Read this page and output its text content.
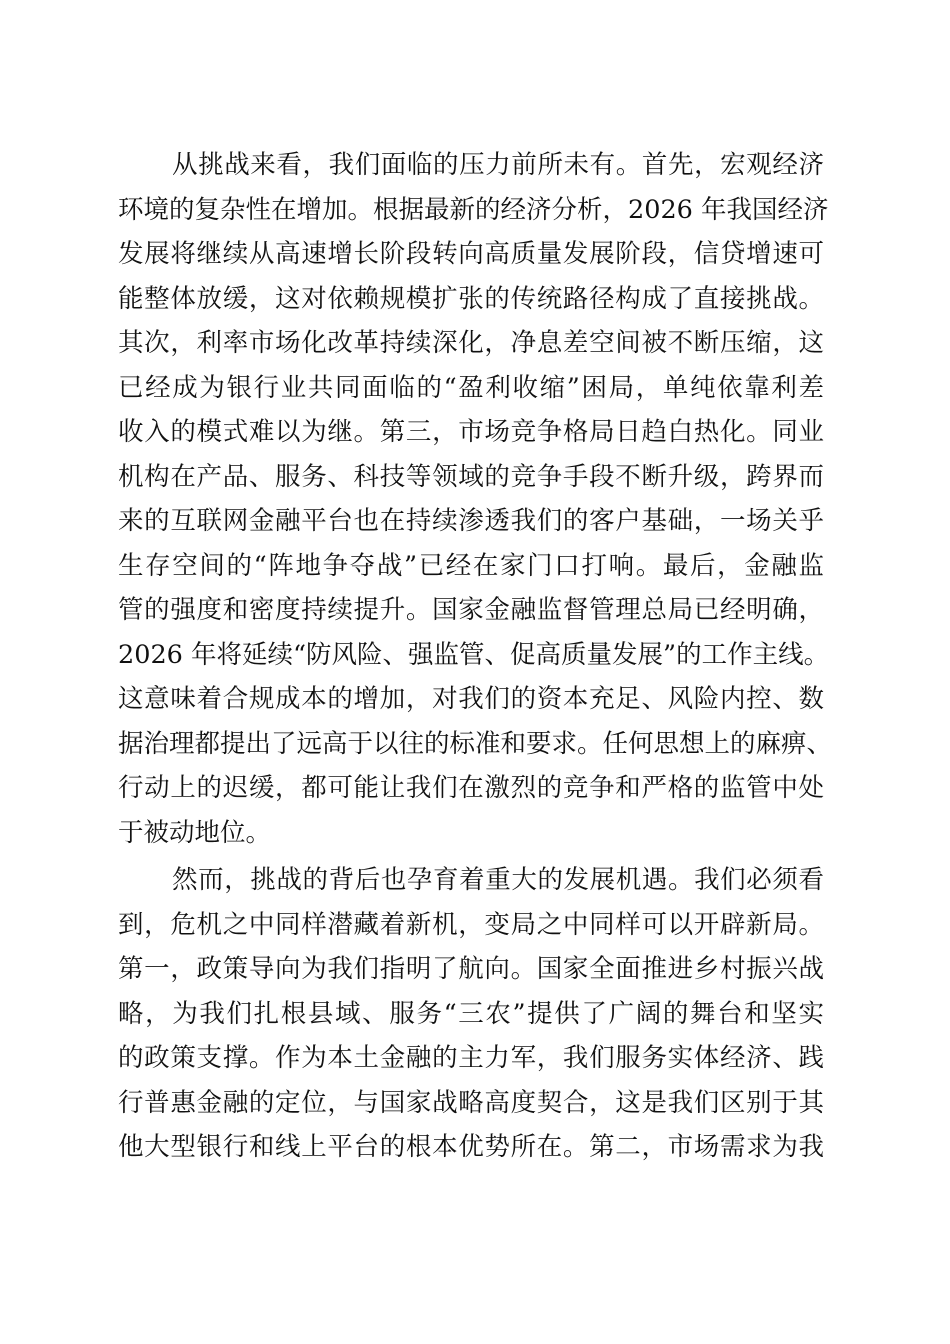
从挑战来看，我们面临的压力前所未有。首先，宏观经济
环境的复杂性在增加。根据最新的经济分析，2026 年我国经济
发展将继续从高速增长阶段转向高质量发展阶段，信贷增速可
能整体放缓，这对依赖规模扩张的传统路径构成了直接挑战。
其次，利率市场化改革持续深化，净息差空间被不断压缩，这
已经成为银行业共同面临的“盈利收缩”困局，单纯依靠利差
收入的模式难以为继。第三，市场竞争格局日趋白热化。同业
机构在产品、服务、科技等领域的竞争手段不断升级，跨界而
来的互联网金融平台也在持续渗透我们的客户基础，一场关乎
生存空间的“阵地争夺战”已经在家门口打响。最后，金融监
管的强度和密度持续提升。国家金融监督管理总局已经明确，
2026 年将延续“防风险、强监管、促高质量发展”的工作主线。
这意味着合规成本的增加，对我们的资本充足、风险内控、数
据治理都提出了远高于以往的标准和要求。任何思想上的麻痹、
行动上的迟缓，都可能让我们在激烈的竞争和严格的监管中处
于被动地位。
然而，挑战的背后也孕育着重大的发展机遇。我们必须看
到，危机之中同样潜藏着新机，变局之中同样可以开辟新局。
第一，政策导向为我们指明了航向。国家全面推进乡村振兴战
略，为我们扎根县域、服务“三农”提供了广阔的舞台和坚实
的政策支撑。作为本土金融的主力军，我们服务实体经济、践
行普惠金融的定位，与国家战略高度契合，这是我们区别于其
他大型银行和线上平台的根本优势所在。第二，市场需求为我
